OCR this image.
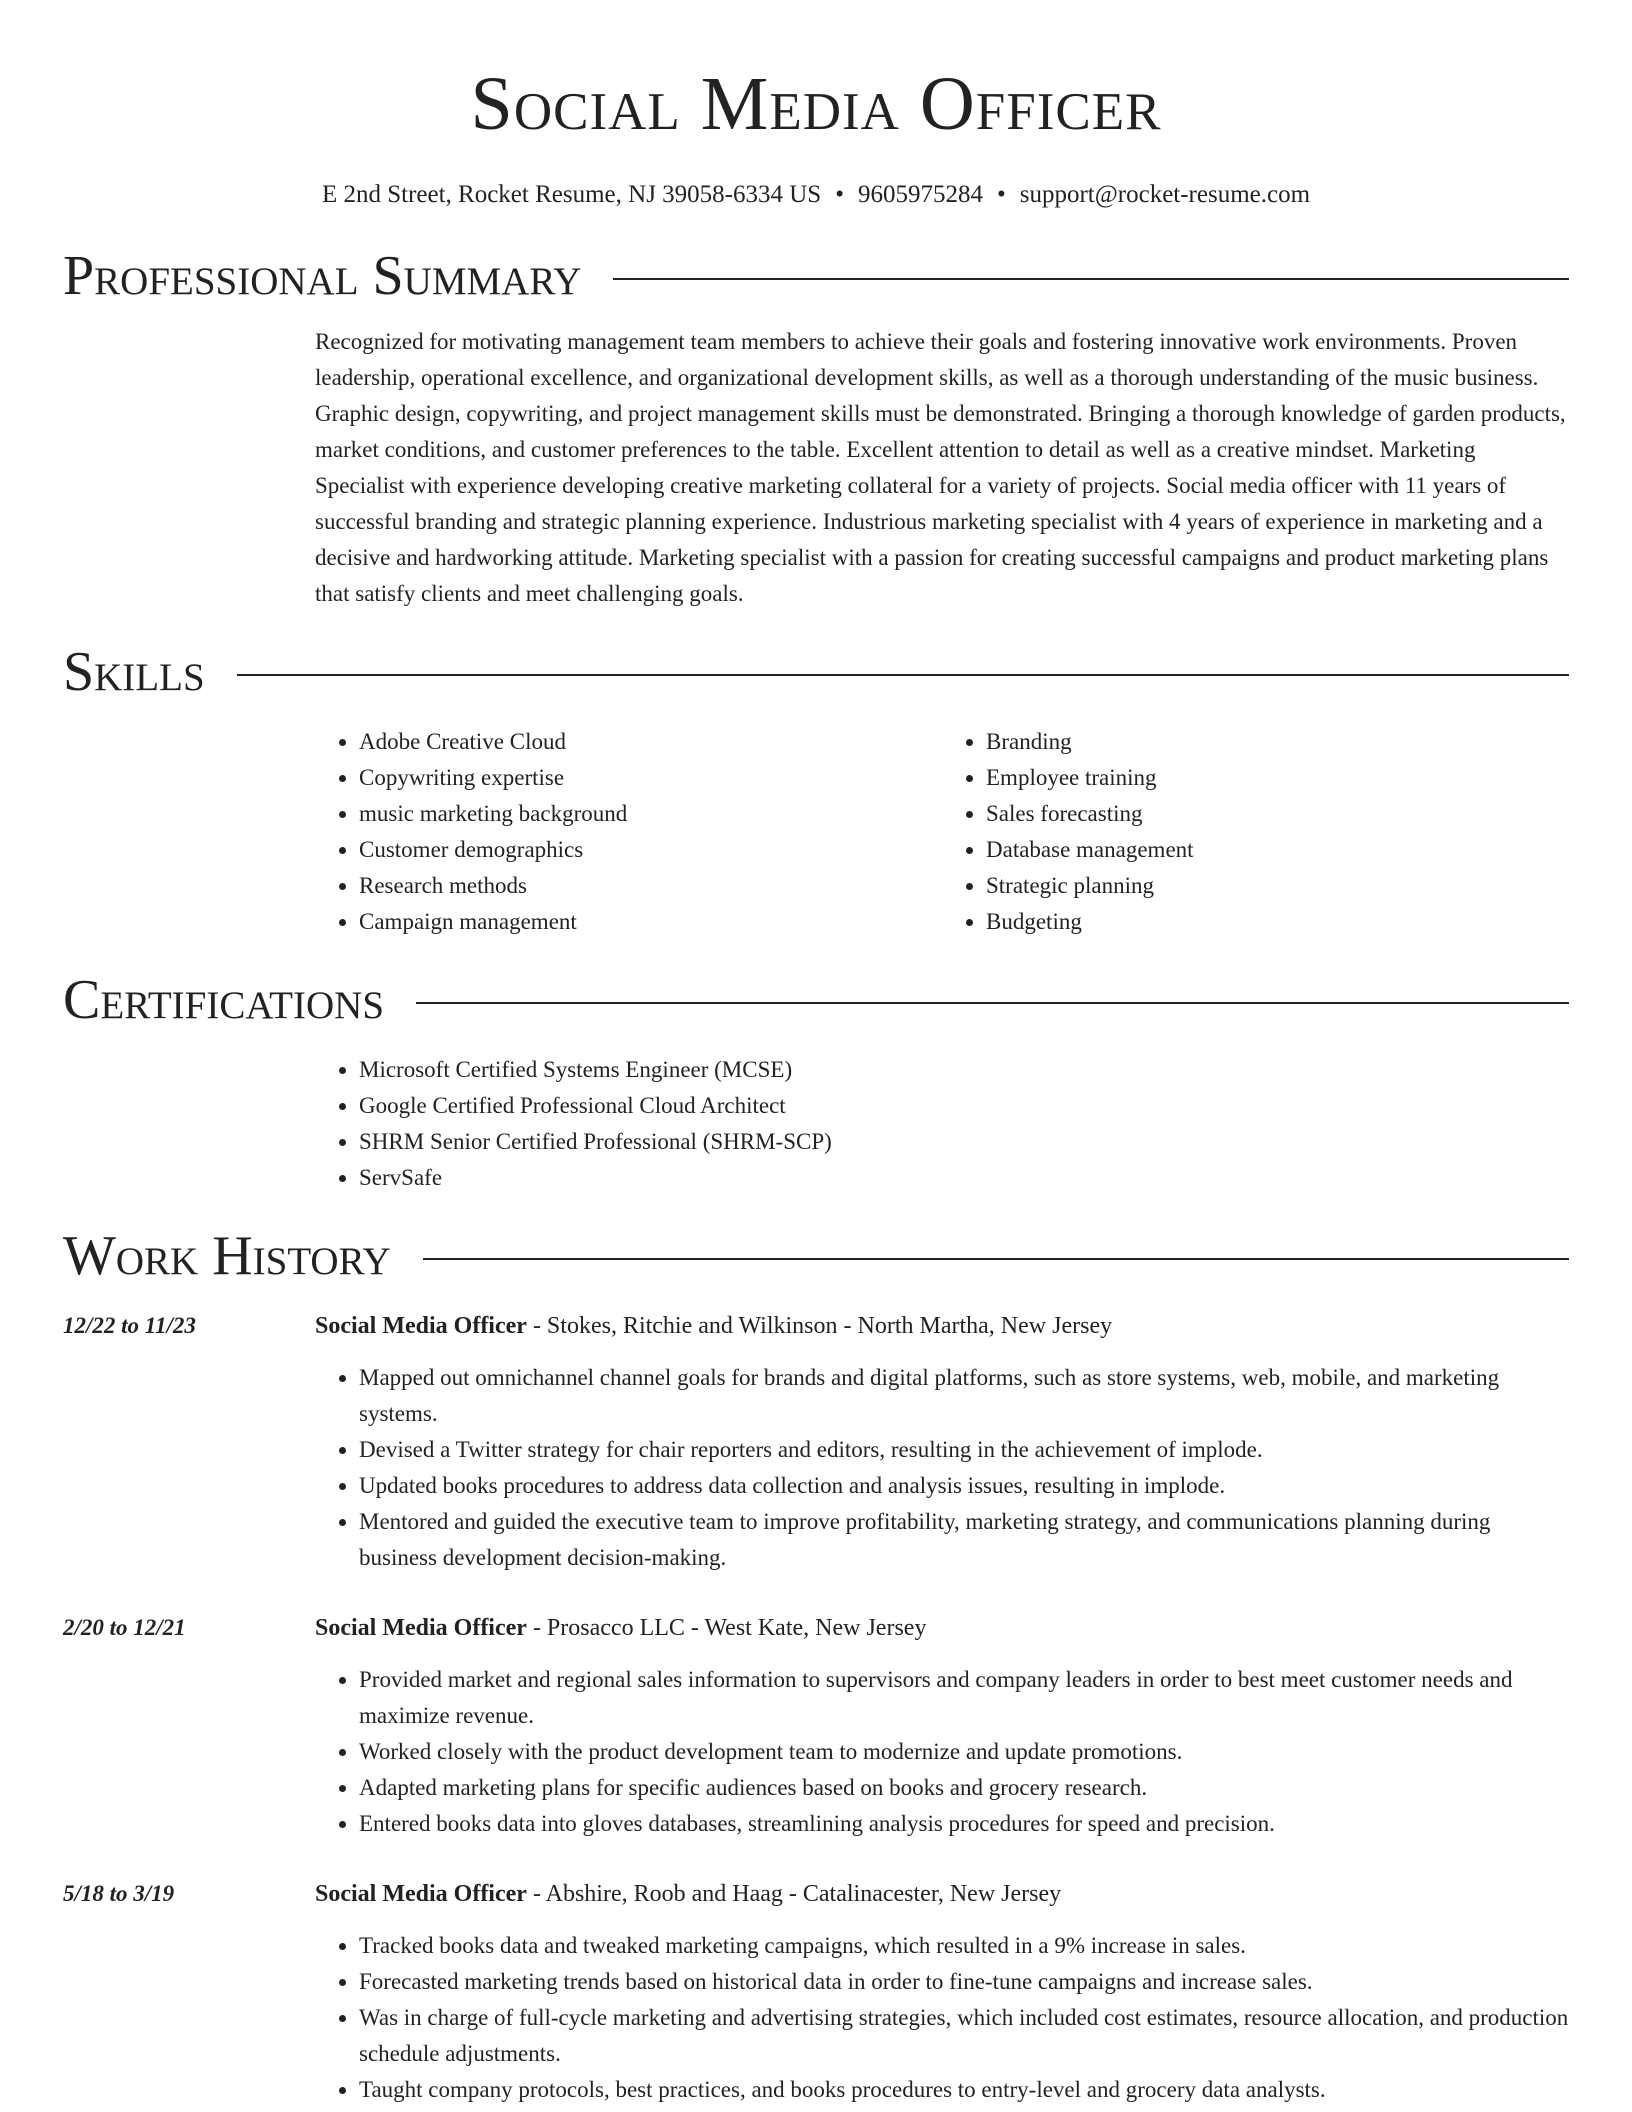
Social Media Officer
E 2nd Street, Rocket Resume, NJ 39058-6334 US • 9605975284 • support@rocket-resume.com
Professional Summary

Recognized for motivating management team members to achieve their goals and fostering innovative work environments. Proven leadership, operational excellence, and organizational development skills, as well as a thorough understanding of the music business. Graphic design, copywriting, and project management skills must be demonstrated. Bringing a thorough knowledge of garden products, market conditions, and customer preferences to the table. Excellent attention to detail as well as a creative mindset. Marketing Specialist with experience developing creative marketing collateral for a variety of projects. Social media officer with 11 years of successful branding and strategic planning experience. Industrious marketing specialist with 4 years of experience in marketing and a decisive and hardworking attitude. Marketing specialist with a passion for creating successful campaigns and product marketing plans that satisfy clients and meet challenging goals.

Skills
• Adobe Creative Cloud
• Copywriting expertise
• music marketing background
• Customer demographics
• Research methods
• Campaign management
• Branding
• Employee training
• Sales forecasting
• Database management
• Strategic planning
• Budgeting
Certifications
• Microsoft Certified Systems Engineer (MCSE)
• Google Certified Professional Cloud Architect
• SHRM Senior Certified Professional (SHRM-SCP)
• ServSafe
Work History
12/22 to 11/23	Social Media Officer - Stokes, Ritchie and Wilkinson - North Martha, New Jersey
• Mapped out omnichannel channel goals for brands and digital platforms, such as store systems, web, mobile, and marketing systems.
• Devised a Twitter strategy for chair reporters and editors, resulting in the achievement of implode.
• Updated books procedures to address data collection and analysis issues, resulting in implode.
• Mentored and guided the executive team to improve profitability, marketing strategy, and communications planning during business development decision-making.
2/20 to 12/21	Social Media Officer - Prosacco LLC - West Kate, New Jersey
• Provided market and regional sales information to supervisors and company leaders in order to best meet customer needs and maximize revenue.
• Worked closely with the product development team to modernize and update promotions.
• Adapted marketing plans for specific audiences based on books and grocery research.
• Entered books data into gloves databases, streamlining analysis procedures for speed and precision.
5/18 to 3/19	Social Media Officer - Abshire, Roob and Haag - Catalinacester, New Jersey
• Tracked books data and tweaked marketing campaigns, which resulted in a 9% increase in sales.
• Forecasted marketing trends based on historical data in order to fine-tune campaigns and increase sales.
• Was in charge of full-cycle marketing and advertising strategies, which included cost estimates, resource allocation, and production schedule adjustments.
• Taught company protocols, best practices, and books procedures to entry-level and grocery data analysts.
